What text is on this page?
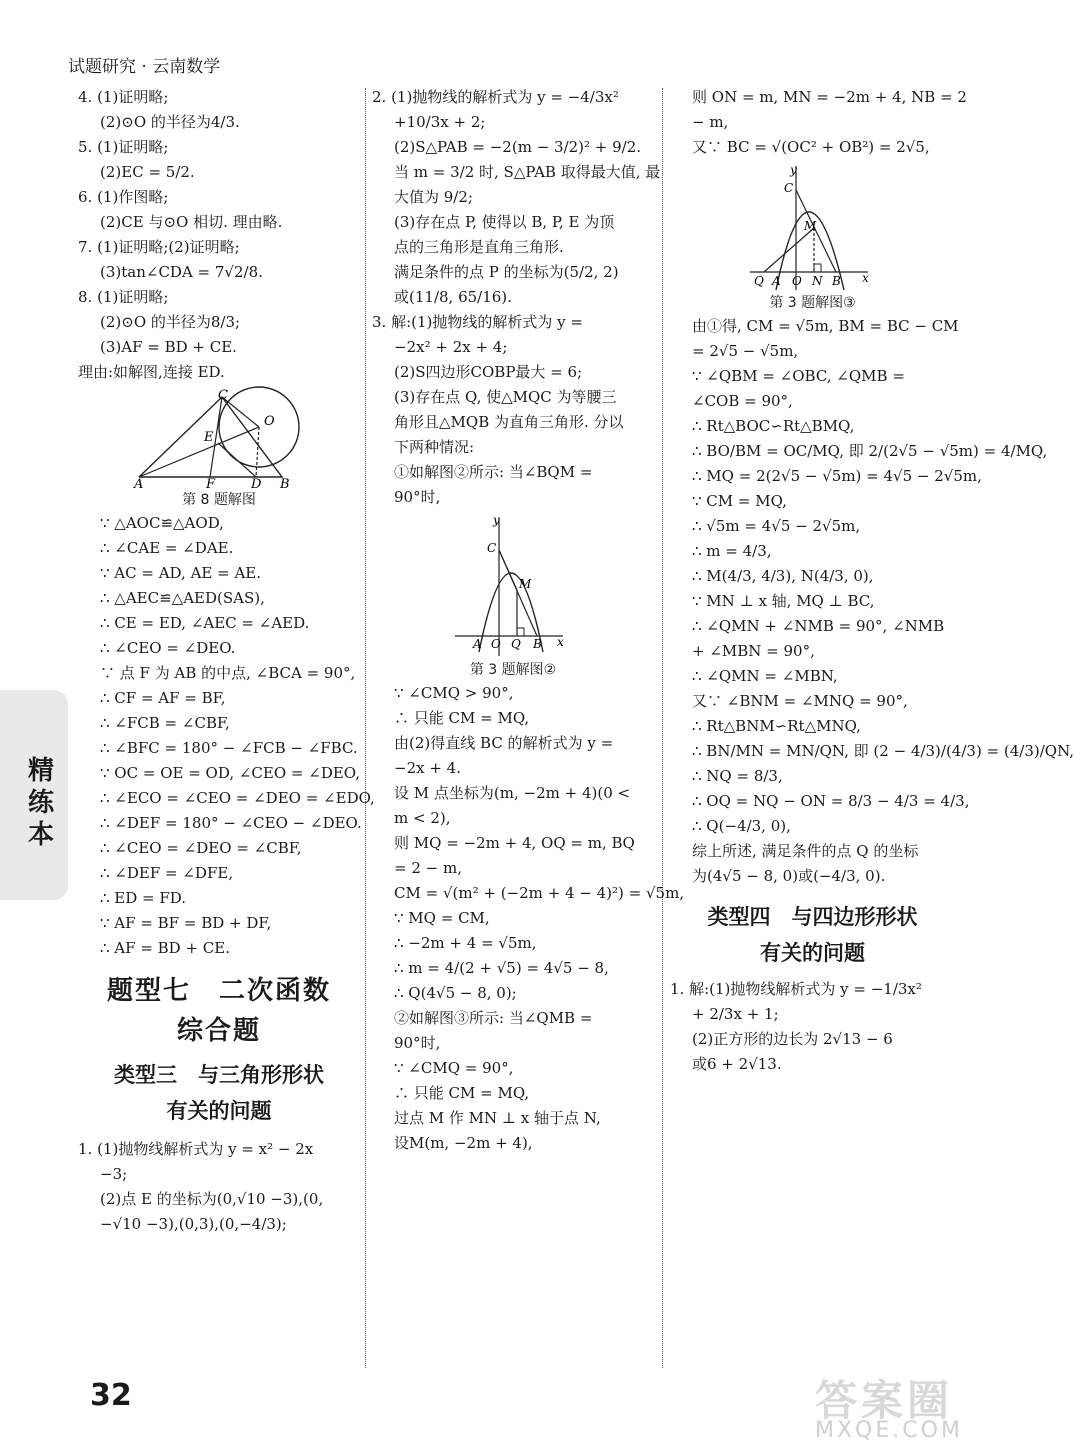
试题研究 · 云南数学
精练本
4. (1)证明略;
(2)⊙O 的半径为4/3.
5. (1)证明略;
(2)EC = 5/2.
6. (1)作图略;
(2)CE 与⊙O 相切. 理由略.
7. (1)证明略;(2)证明略;
(3)tan∠CDA = 7√2/8.
8. (1)证明略;
(2)⊙O 的半径为8/3;
(3)AF = BD + CE.
理由:如解图,连接 ED.
C
O
E
A	F	D B
第 8 题解图
∵ △AOC≌△AOD,
∴ ∠CAE = ∠DAE.
∵ AC = AD, AE = AE.
∴ △AEC≌△AED(SAS),
∴ CE = ED, ∠AEC = ∠AED.
∴ ∠CEO = ∠DEO.
∵ 点 F 为 AB 的中点, ∠BCA = 90°,
∴ CF = AF = BF,
∴ ∠FCB = ∠CBF,
∴ ∠BFC = 180° − ∠FCB − ∠FBC.
∵ OC = OE = OD, ∠CEO = ∠DEO,
∴ ∠ECO = ∠CEO = ∠DEO = ∠EDO,
∴ ∠DEF = 180° − ∠CEO − ∠DEO.
∴ ∠CEO = ∠DEO = ∠CBF,
∴ ∠DEF = ∠DFE,
∴ ED = FD.
∵ AF = BF = BD + DF,
∴ AF = BD + CE.
题型七　二次函数
综合题
类型三　与三角形形状
有关的问题
1. (1)抛物线解析式为 y = x² − 2x
−3;
(2)点 E 的坐标为(0,√10 −3),(0,
−√10 −3),(0,3),(0,−4/3);
2. (1)抛物线的解析式为 y = −4/3x²
+10/3x + 2;
(2)S△PAB = −2(m − 3/2)² + 9/2.
当 m = 3/2 时, S△PAB 取得最大值, 最
大值为 9/2;
(3)存在点 P, 使得以 B, P, E 为顶
点的三角形是直角三角形.
满足条件的点 P 的坐标为(5/2, 2)
或(11/8, 65/16).
3. 解:(1)抛物线的解析式为 y =
−2x² + 2x + 4;
(2)S四边形COBP最大 = 6;
(3)存在点 Q, 使△MQC 为等腰三
角形且△MQB 为直角三角形. 分以
下两种情况:
①如解图②所示: 当∠BQM =
90°时,
y
C
M
A O Q B x
第 3 题解图②
∵ ∠CMQ > 90°,
∴ 只能 CM = MQ,
由(2)得直线 BC 的解析式为 y =
−2x + 4.
设 M 点坐标为(m, −2m + 4)(0 <
m < 2),
则 MQ = −2m + 4, OQ = m, BQ
= 2 − m,
CM = √(m² + (−2m + 4 − 4)²) = √5m,
∵ MQ = CM,
∴ −2m + 4 = √5m,
∴ m = 4/(2 + √5) = 4√5 − 8,
∴ Q(4√5 − 8, 0);
②如解图③所示: 当∠QMB =
90°时,
∵ ∠CMQ = 90°,
∴ 只能 CM = MQ,
过点 M 作 MN ⊥ x 轴于点 N,
设M(m, −2m + 4),
则 ON = m, MN = −2m + 4, NB = 2
− m,
又∵ BC = √(OC² + OB²) = 2√5,
y
C
M
Q A O N B x
第 3 题解图③
由①得, CM = √5m, BM = BC − CM
= 2√5 − √5m,
∵ ∠QBM = ∠OBC, ∠QMB =
∠COB = 90°,
∴ Rt△BOC∽Rt△BMQ,
∴ BO/BM = OC/MQ, 即 2/(2√5 − √5m) = 4/MQ,
∴ MQ = 2(2√5 − √5m) = 4√5 − 2√5m,
∵ CM = MQ,
∴ √5m = 4√5 − 2√5m,
∴ m = 4/3,
∴ M(4/3, 4/3), N(4/3, 0),
∵ MN ⊥ x 轴, MQ ⊥ BC,
∴ ∠QMN + ∠NMB = 90°, ∠NMB
+ ∠MBN = 90°,
∴ ∠QMN = ∠MBN,
又∵ ∠BNM = ∠MNQ = 90°,
∴ Rt△BNM∽Rt△MNQ,
∴ BN/MN = MN/QN, 即 (2 − 4/3)/(4/3) = (4/3)/QN,
∴ NQ = 8/3,
∴ OQ = NQ − ON = 8/3 − 4/3 = 4/3,
∴ Q(−4/3, 0),
综上所述, 满足条件的点 Q 的坐标
为(4√5 − 8, 0)或(−4/3, 0).
类型四　与四边形形状
有关的问题
1. 解:(1)抛物线解析式为 y = −1/3x²
+ 2/3x + 1;
(2)正方形的边长为 2√13 − 6
或6 + 2√13.
32	答案圈
MXQE.COM
